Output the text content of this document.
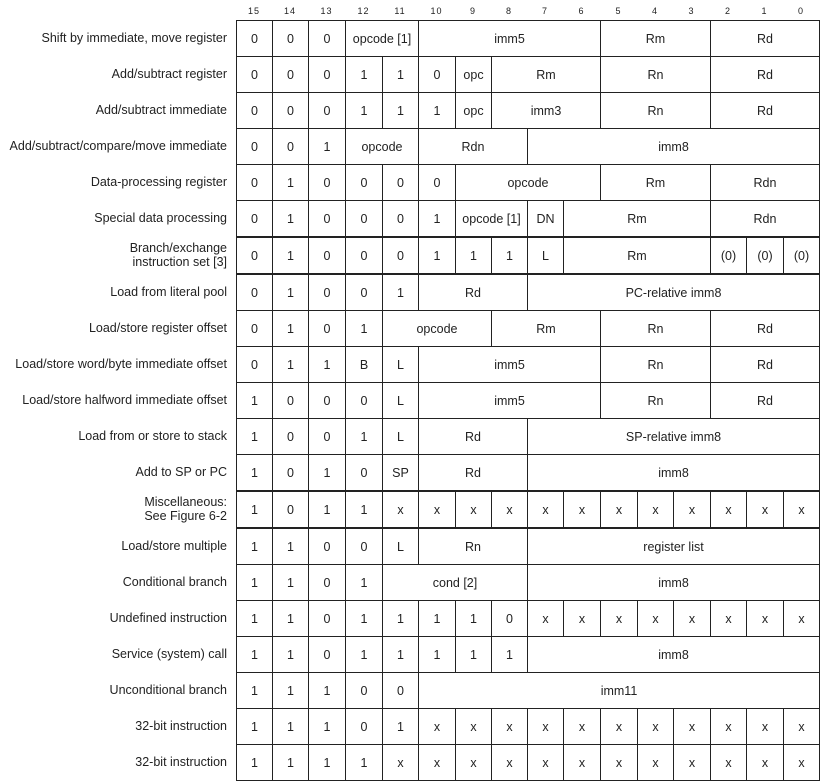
15	14	13	12	11	10	9	8	7	6	5	4	3	2	1	0
Shift by immediate, move register	0	0	0	opcode [1]	imm5	Rm	Rd
Add/subtract register	0	0	0	1	1	0	opc	Rm	Rn	Rd
Add/subtract immediate	0	0	0	1	1	1	opc	imm3	Rn	Rd
Add/subtract/compare/move immediate	0	0	1	opcode	Rdn	imm8
Data-processing register	0	1	0	0	0	0	opcode	Rm	Rdn
Special data processing	0	1	0	0	0	1	opcode [1]	DN	Rm	Rdn
Branch/exchange
instruction set [3]	0	1	0	0	0	1	1	1	L	Rm	(0)	(0)	(0)
Load from literal pool	0	1	0	0	1	Rd	PC-relative imm8
Load/store register offset	0	1	0	1	opcode	Rm	Rn	Rd
Load/store word/byte immediate offset	0	1	1	B	L	imm5	Rn	Rd
Load/store halfword immediate offset	1	0	0	0	L	imm5	Rn	Rd
Load from or store to stack	1	0	0	1	L	Rd	SP-relative imm8
Add to SP or PC	1	0	1	0	SP	Rd	imm8
Miscellaneous:
See Figure 6-2	1	0	1	1	x	x	x	x	x	x	x	x	x	x	x	x
Load/store multiple	1	1	0	0	L	Rn	register list
Conditional branch	1	1	0	1	cond [2]	imm8
Undefined instruction	1	1	0	1	1	1	1	0	x	x	x	x	x	x	x	x
Service (system) call	1	1	0	1	1	1	1	1	imm8
Unconditional branch	1	1	1	0	0	imm11
32-bit instruction	1	1	1	0	1	x	x	x	x	x	x	x	x	x	x	x
32-bit instruction	1	1	1	1	x	x	x	x	x	x	x	x	x	x	x	x
